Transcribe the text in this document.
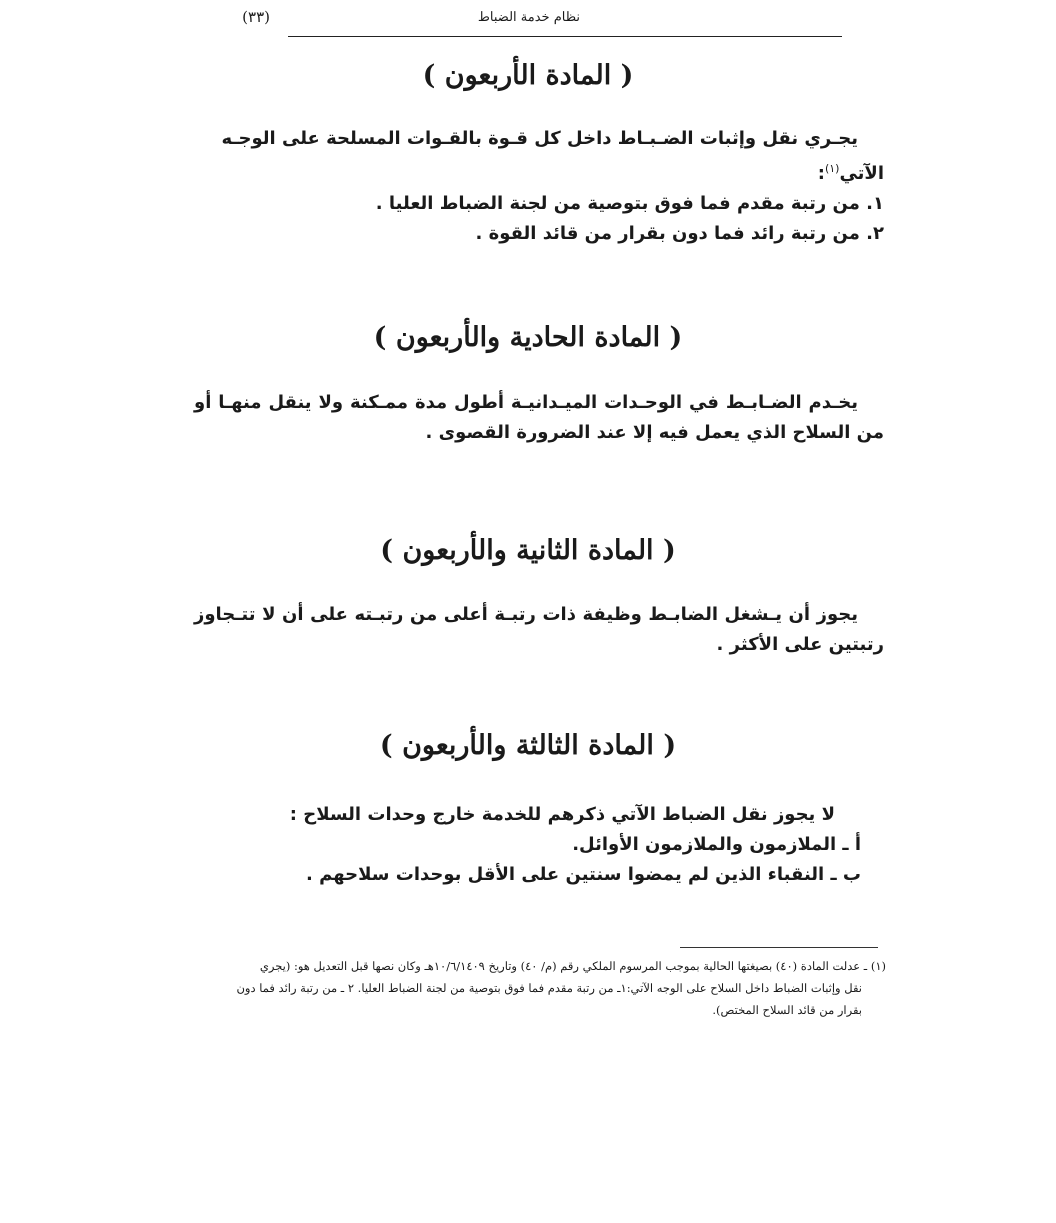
نظام خدمة الضباط
(٣٣)
( المادة الأربعون )
يجـري نقل وإثبات الضـبـاط داخل كل قـوة بالقـوات المسلحة على الوجـه
الآتي$^{(١)}$:
١. من رتبة مقدم فما فوق بتوصية من لجنة الضباط العليا .
٢. من رتبة رائد فما دون بقرار من قائد القوة .
( المادة الحادية والأربعون )
يخـدم الضـابـط في الوحـدات الميـدانيـة أطول مدة ممـكنة ولا ينقل منهـا أو من السلاح الذي يعمل فيه إلا عند الضرورة القصوى .
( المادة الثانية والأربعون )
يجوز أن يـشغل الضابـط وظيفة ذات رتبـة أعلى من رتبـته على أن لا تتـجاوز رتبتين على الأكثر .
( المادة الثالثة والأربعون )
لا يجوز نقل الضباط الآتي ذكرهم للخدمة خارج وحدات السلاح :
أ ـ الملازمون والملازمون الأوائل.
ب ـ النقباء الذين لم يمضوا سنتين على الأقل بوحدات سلاحهم .
(١) ـ عدلت المادة (٤٠) بصيغتها الحالية بموجب المرسوم الملكي رقم (م/ ٤٠) وتاريخ ١٠/٦/١٤٠٩هـ وكان نصها قبل التعديل هو: (يجري
نقل وإثبات الضباط داخل السلاح على الوجه الآتي:١ـ من رتبة مقدم فما فوق بتوصية من لجنة الضباط العليا. ٢ ـ من رتبة رائد فما دون
بقرار من قائد السلاح المختص).
